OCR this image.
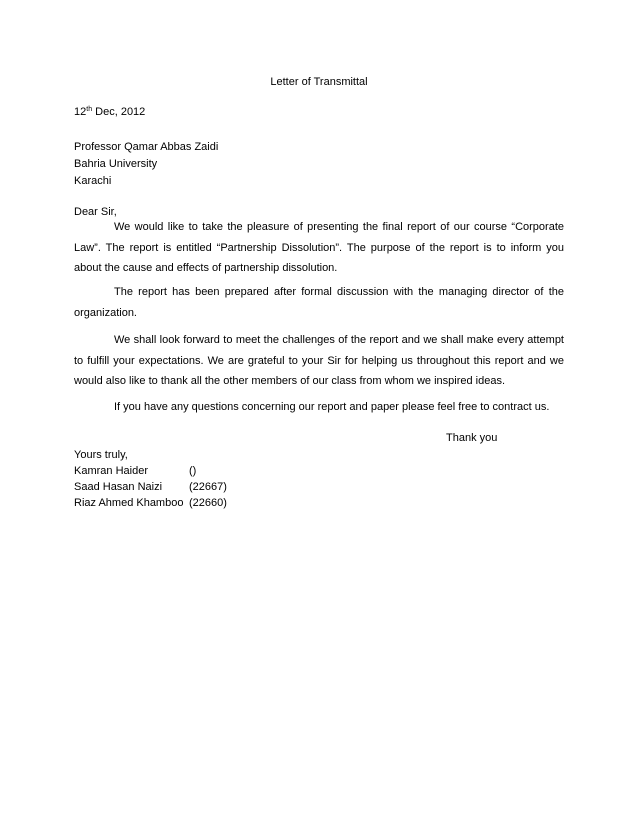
Letter of Transmittal
12th Dec, 2012
Professor Qamar Abbas Zaidi
Bahria University
Karachi
Dear Sir,
We would like to take the pleasure of presenting the final report of our course “Corporate Law”. The report is entitled “Partnership Dissolution”. The purpose of the report is to inform you about the cause and effects of partnership dissolution.
The report has been prepared after formal discussion with the managing director of the organization.
We shall look forward to meet the challenges of the report and we shall make every attempt to fulfill your expectations. We are grateful to your Sir for helping us throughout this report and we would also like to thank all the other members of our class from whom we inspired ideas.
If you have any questions concerning our report and paper please feel free to contract us.
Thank you
Yours truly,
Kamran Haider	()
Saad Hasan Naizi (22667)
Riaz Ahmed Khamboo (22660)
